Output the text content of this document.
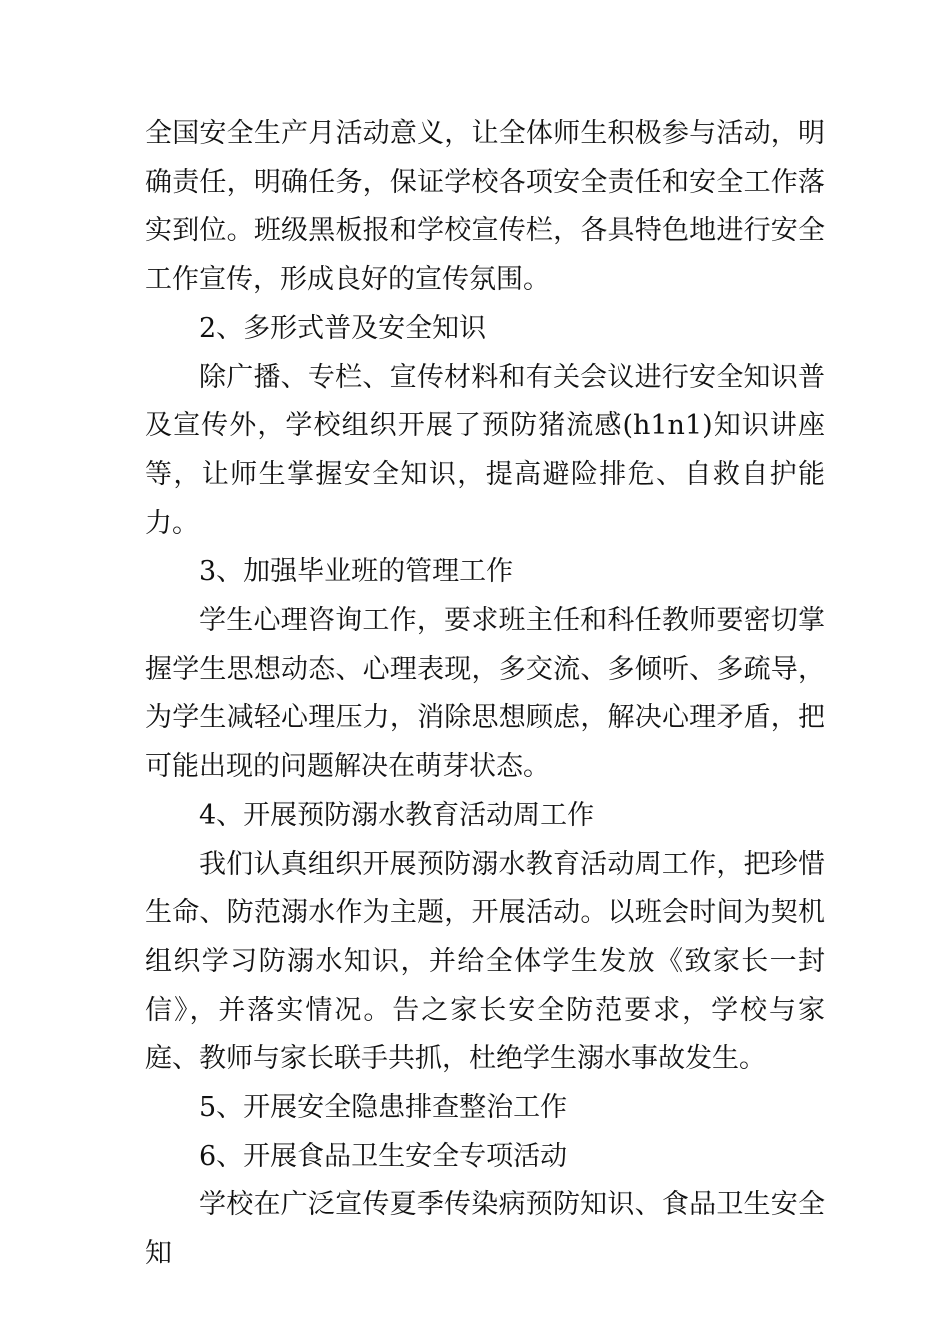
全国安全生产月活动意义，让全体师生积极参与活动，明确责任，明确任务，保证学校各项安全责任和安全工作落实到位。班级黑板报和学校宣传栏，各具特色地进行安全工作宣传，形成良好的宣传氛围。

2、多形式普及安全知识

除广播、专栏、宣传材料和有关会议进行安全知识普及宣传外，学校组织开展了预防猪流感(h1n1)知识讲座等，让师生掌握安全知识，提高避险排危、自救自护能力。

3、加强毕业班的管理工作

学生心理咨询工作，要求班主任和科任教师要密切掌握学生思想动态、心理表现，多交流、多倾听、多疏导，为学生减轻心理压力，消除思想顾虑，解决心理矛盾，把可能出现的问题解决在萌芽状态。

4、开展预防溺水教育活动周工作

我们认真组织开展预防溺水教育活动周工作，把珍惜生命、防范溺水作为主题，开展活动。以班会时间为契机组织学习防溺水知识，并给全体学生发放《致家长一封信》，并落实情况。告之家长安全防范要求，学校与家庭、教师与家长联手共抓，杜绝学生溺水事故发生。

5、开展安全隐患排查整治工作

6、开展食品卫生安全专项活动

学校在广泛宣传夏季传染病预防知识、食品卫生安全知
